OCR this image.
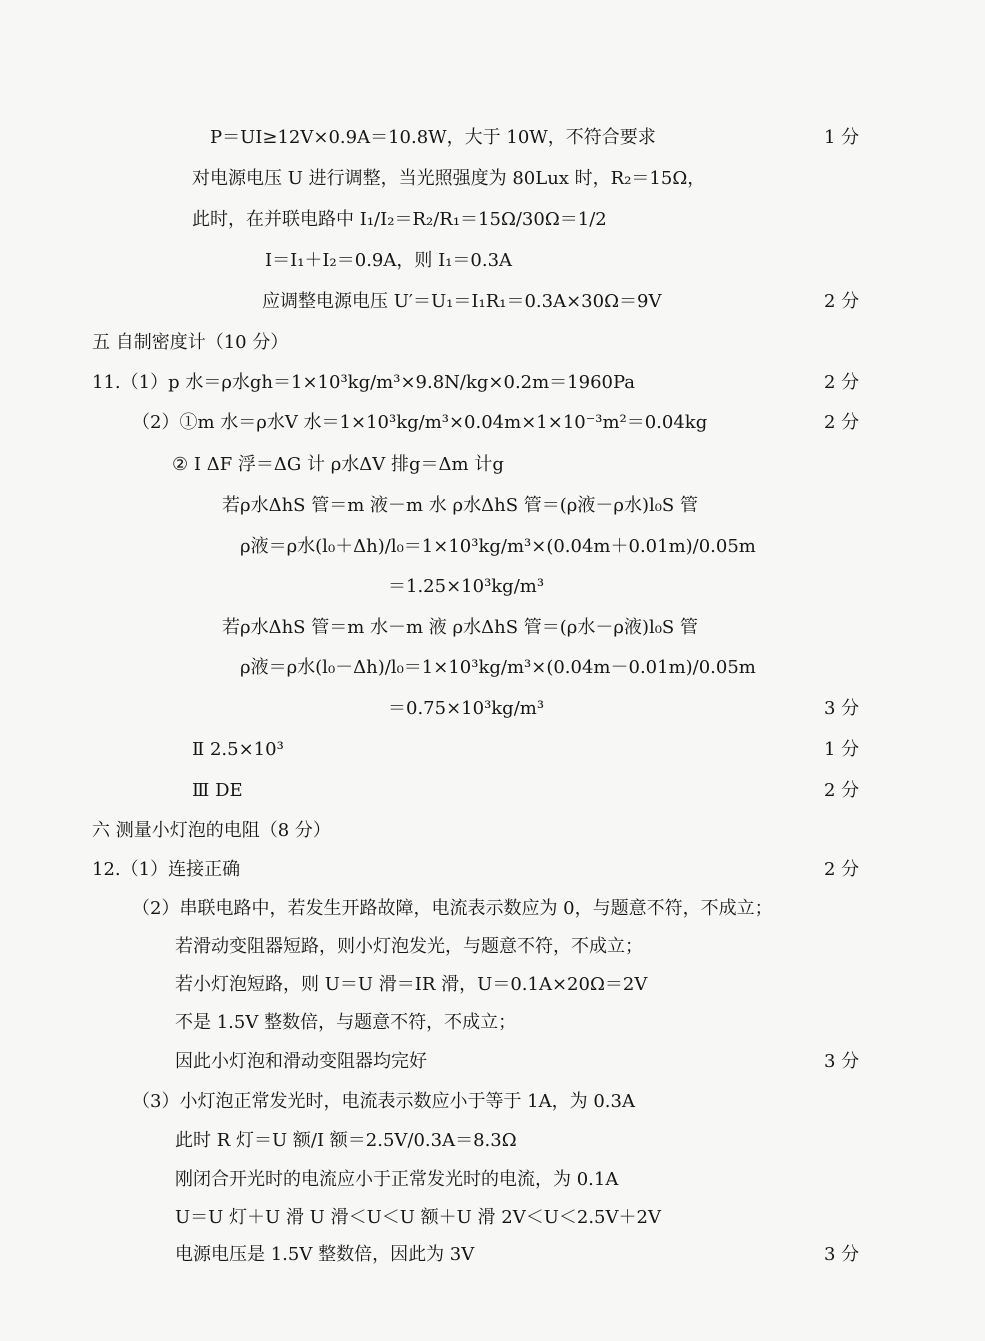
P＝UI≥12V×0.9A＝10.8W，大于 10W，不符合要求	1 分
对电源电压 U 进行调整，当光照强度为 80Lux 时，R₂＝15Ω，
此时，在并联电路中 I₁/I₂＝R₂/R₁＝15Ω/30Ω＝1/2
I＝I₁＋I₂＝0.9A，则 I₁＝0.3A
应调整电源电压 U′＝U₁＝I₁R₁＝0.3A×30Ω＝9V	2 分
五 自制密度计（10 分）
11.（1）p 水＝ρ水gh＝1×10³kg/m³×9.8N/kg×0.2m＝1960Pa	2 分
（2）①m 水＝ρ水V 水＝1×10³kg/m³×0.04m×1×10⁻³m²＝0.04kg	2 分
② I ΔF 浮＝ΔG 计 ρ水ΔV 排g＝Δm 计g
若ρ水ΔhS 管＝m 液－m 水 ρ水ΔhS 管＝(ρ液－ρ水)l₀S 管
ρ液＝ρ水(l₀＋Δh)/l₀＝1×10³kg/m³×(0.04m＋0.01m)/0.05m
＝1.25×10³kg/m³
若ρ水ΔhS 管＝m 水－m 液 ρ水ΔhS 管＝(ρ水－ρ液)l₀S 管
ρ液＝ρ水(l₀－Δh)/l₀＝1×10³kg/m³×(0.04m－0.01m)/0.05m
＝0.75×10³kg/m³	3 分
Ⅱ 2.5×10³	1 分
Ⅲ DE	2 分
六 测量小灯泡的电阻（8 分）
12.（1）连接正确	2 分
（2）串联电路中，若发生开路故障，电流表示数应为 0，与题意不符，不成立；
若滑动变阻器短路，则小灯泡发光，与题意不符，不成立；
若小灯泡短路，则 U＝U 滑＝IR 滑，U＝0.1A×20Ω＝2V
不是 1.5V 整数倍，与题意不符，不成立；
因此小灯泡和滑动变阻器均完好	3 分
（3）小灯泡正常发光时，电流表示数应小于等于 1A，为 0.3A
此时 R 灯＝U 额/I 额＝2.5V/0.3A＝8.3Ω
刚闭合开光时的电流应小于正常发光时的电流，为 0.1A
U＝U 灯＋U 滑 U 滑＜U＜U 额＋U 滑 2V＜U＜2.5V＋2V
电源电压是 1.5V 整数倍，因此为 3V	3 分
